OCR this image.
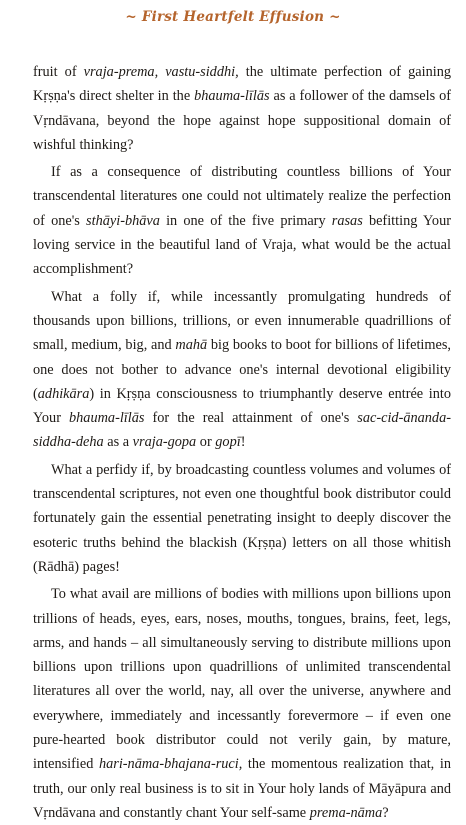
~ First Heartfelt Effusion ~

fruit of vraja-prema, vastu-siddhi, the ultimate perfection of gaining Kṛṣṇa's direct shelter in the bhauma-līlās as a follower of the damsels of Vṛndāvana, beyond the hope against hope suppositional domain of wishful thinking?

If as a consequence of distributing countless billions of Your transcendental literatures one could not ultimately realize the perfection of one's sthāyi-bhāva in one of the five primary rasas befitting Your loving service in the beautiful land of Vraja, what would be the actual accomplishment?

What a folly if, while incessantly promulgating hundreds of thousands upon billions, trillions, or even innumerable quadrillions of small, medium, big, and mahā big books to boot for billions of lifetimes, one does not bother to advance one's internal devotional eligibility (adhikāra) in Kṛṣṇa consciousness to triumphantly deserve entrée into Your bhauma-līlās for the real attainment of one's sac-cid-ānanda-siddha-deha as a vraja-gopa or gopī!

What a perfidy if, by broadcasting countless volumes and volumes of transcendental scriptures, not even one thoughtful book distributor could fortunately gain the essential penetrating insight to deeply discover the esoteric truths behind the blackish (Kṛṣṇa) letters on all those whitish (Rādhā) pages!

To what avail are millions of bodies with millions upon billions upon trillions of heads, eyes, ears, noses, mouths, tongues, brains, feet, legs, arms, and hands – all simultaneously serving to distribute millions upon billions upon trillions upon quadrillions of unlimited transcendental literatures all over the world, nay, all over the universe, anywhere and everywhere, immediately and incessantly forevermore – if even one pure-hearted book distributor could not verily gain, by mature, intensified hari-nāma-bhajana-ruci, the momentous realization that, in truth, our only real business is to sit in Your holy lands of Māyāpura and Vṛndāvana and constantly chant Your self-same prema-nāma?
